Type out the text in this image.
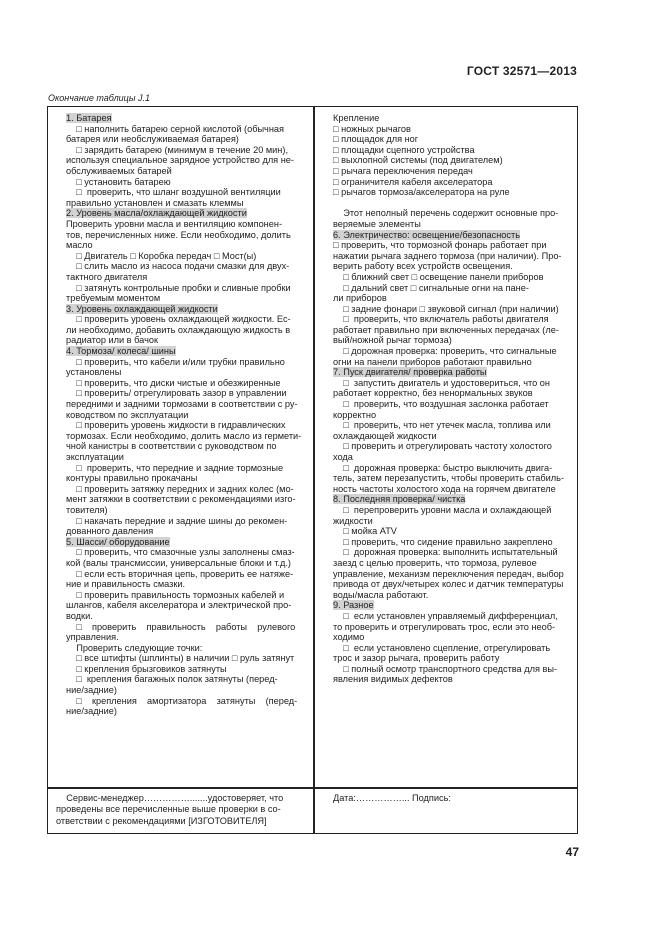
ГОСТ 32571—2013
Окончание таблицы J.1
1. Батарея
□ наполнить батарею серной кислотой (обычная
батарея или необслуживаемая батарея)
□ зарядить батарею (минимум в течение 20 мин),
используя специальное зарядное устройство для не-
обслуживаемых батарей
□ установить батарею
□  проверить, что шланг воздушной вентиляции
правильно установлен и смазать клеммы
2. Уровень масла/охлаждающей жидкости
Проверить уровни масла и вентиляцию компонен-
тов, перечисленных ниже. Если необходимо, долить
масло
□ Двигатель □ Коробка передач □ Мост(ы)
□ слить масло из насоса подачи смазки для двух-
тактного двигателя
□ затянуть контрольные пробки и сливные пробки
требуемым моментом
3. Уровень охлаждающей жидкости
□ проверить уровень охлаждающей жидкости. Ес-
ли необходимо, добавить охлаждающую жидкость в
радиатор или в бачок
4. Тормоза/ колеса/ шины
□ проверить, что кабели и/или трубки правильно
установлены
□ проверить, что диски чистые и обезжиренные
□ проверить/ отрегулировать зазор в управлении
передними и задними тормозами в соответствии с ру-
ководством по эксплуатации
□ проверить уровень жидкости в гидравлических
тормозах. Если необходимо, долить масло из гермети-
чной канистры в соответствии с руководством по
эксплуатации
□  проверить, что передние и задние тормозные
контуры правильно прокачаны
□ проверить затяжку передних и задних колес (мо-
мент затяжки в соответствии с рекомендациями изго-
товителя)
□ накачать передние и задние шины до рекомен-
дованного давления
5. Шасси/ оборудование
□ проверить, что смазочные узлы заполнены смаз-
кой (валы трансмиссии, универсальные блоки и т.д.)
□ если есть вторичная цепь, проверить ее натяже-
ние и правильность смазки.
□ проверить правильность тормозных кабелей и
шлангов, кабеля акселератора и электрической про-
водки.
□    проверить    правильность    работы    рулевого
управления.
Проверить следующие точки:
□ все штифты (шплинты) в наличии □ руль затянут
□ крепления брызговиков затянуты
□  крепления багажных полок затянуты (перед-
ние/задние)
□    крепления    амортизатора    затянуты    (перед-
ние/задние)
Крепление
□ ножных рычагов
□ площадок для ног
□ площадки сцепного устройства
□ выхлопной системы (под двигателем)
□ рычага переключения передач
□ ограничителя кабеля акселератора
□ рычагов тормоза/акселератора на руле

Этот неполный перечень содержит основные про-
веряемые элементы
6. Электричество: освещение/безопасность
□ проверить, что тормозной фонарь работает при
нажатии рычага заднего тормоза (при наличии). Про-
верить работу всех устройств освещения.
□ ближний свет □ освещение панели приборов
□ дальний свет □ сигнальные огни на пане-
ли приборов
□ задние фонари □ звуковой сигнал (при наличии)
□  проверить, что включатель работы двигателя
работает правильно при включенных передачах (ле-
вый/ножной рычаг тормоза)
□ дорожная проверка: проверить, что сигнальные
огни на панели приборов работают правильно
7. Пуск двигателя/ проверка работы
□  запустить двигатель и удостовериться, что он
работает корректно, без ненормальных звуков
□  проверить, что воздушная заслонка работает
корректно
□  проверить, что нет утечек масла, топлива или
охлаждающей жидкости
□ проверить и отрегулировать частоту холостого
хода
□  дорожная проверка: быстро выключить двига-
тель, затем перезапустить, чтобы проверить стабиль-
ность частоты холостого хода на горячем двигателе
8. Последняя проверка/ чистка
□  перепроверить уровни масла и охлаждающей
жидкости
□ мойка ATV
□ проверить, что сидение правильно закреплено
□  дорожная проверка: выполнить испытательный
заезд с целью проверить, что тормоза, рулевое
управление, механизм переключения передач, выбор
привода от двух/четырех колес и датчик температуры
воды/масла работают.
9. Разное
□  если установлен управляемый дифференциал,
то проверить и отрегулировать трос, если это необ-
ходимо
□  если установлено сцепление, отрегулировать
трос и зазор рычага, проверить работу
□ полный осмотр транспортного средства для вы-
явления видимых дефектов
Сервис-менеджер…………….......удостоверяет, что
проведены все перечисленные выше проверки в со-
ответствии с рекомендациями [ИЗГОТОВИТЕЛЯ]
Дата:……………... Подпись:
47
